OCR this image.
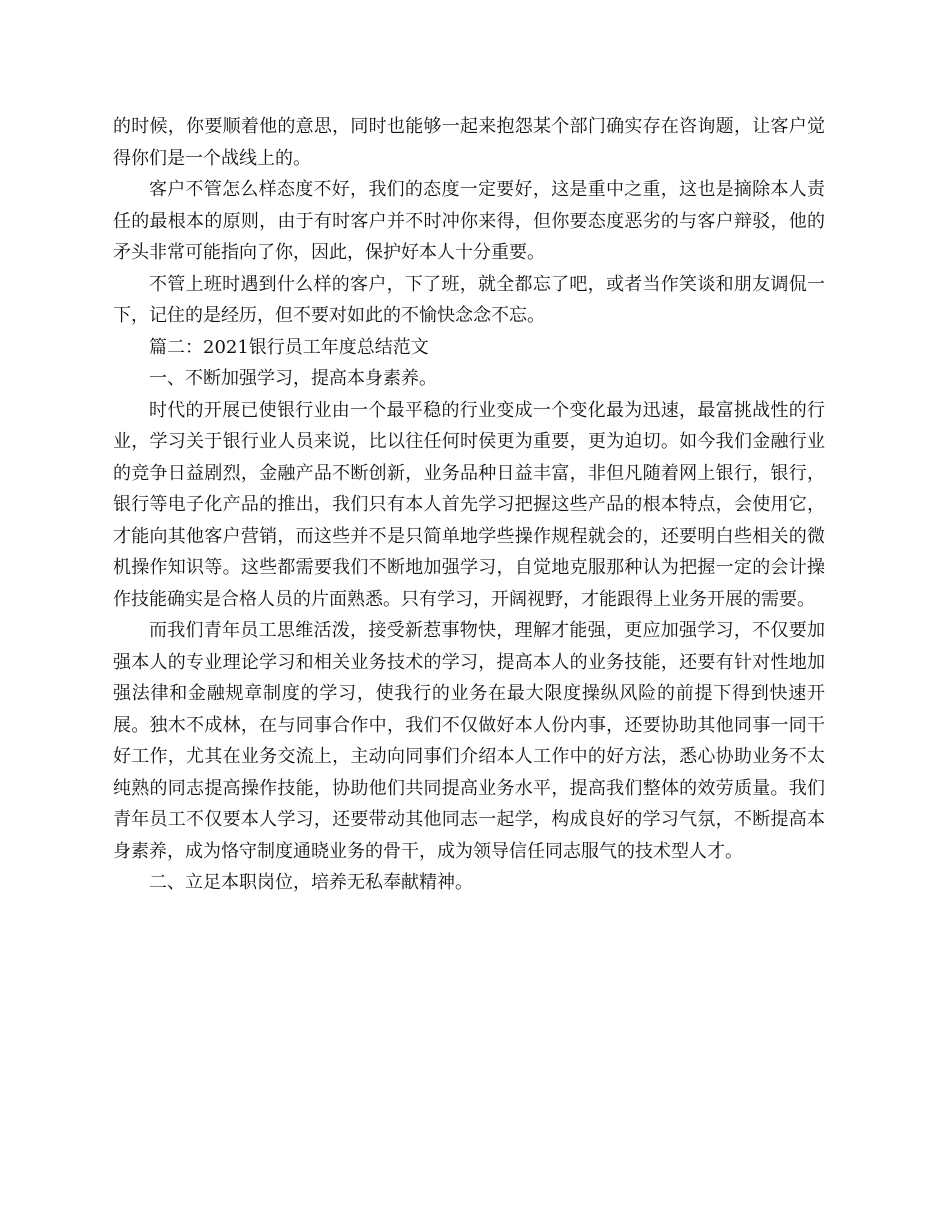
的时候，你要顺着他的意思，同时也能够一起来抱怨某个部门确实存在咨询题，让客户觉得你们是一个战线上的。

客户不管怎么样态度不好，我们的态度一定要好，这是重中之重，这也是摘除本人责任的最根本的原则，由于有时客户并不时冲你来得，但你要态度恶劣的与客户辩驳，他的矛头非常可能指向了你，因此，保护好本人十分重要。

不管上班时遇到什么样的客户，下了班，就全都忘了吧，或者当作笑谈和朋友调侃一下，记住的是经历，但不要对如此的不愉快念念不忘。

篇二：2021银行员工年度总结范文

一、不断加强学习，提高本身素养。

时代的开展已使银行业由一个最平稳的行业变成一个变化最为迅速，最富挑战性的行业，学习关于银行业人员来说，比以往任何时侯更为重要，更为迫切。如今我们金融行业的竞争日益剧烈，金融产品不断创新，业务品种日益丰富，非但凡随着网上银行，银行，银行等电子化产品的推出，我们只有本人首先学习把握这些产品的根本特点，会使用它，才能向其他客户营销，而这些并不是只简单地学些操作规程就会的，还要明白些相关的微机操作知识等。这些都需要我们不断地加强学习，自觉地克服那种认为把握一定的会计操作技能确实是合格人员的片面熟悉。只有学习，开阔视野，才能跟得上业务开展的需要。

而我们青年员工思维活泼，接受新惹事物快，理解才能强，更应加强学习，不仅要加强本人的专业理论学习和相关业务技术的学习，提高本人的业务技能，还要有针对性地加强法律和金融规章制度的学习，使我行的业务在最大限度操纵风险的前提下得到快速开展。独木不成林，在与同事合作中，我们不仅做好本人份内事，还要协助其他同事一同干好工作，尤其在业务交流上，主动向同事们介绍本人工作中的好方法，悉心协助业务不太纯熟的同志提高操作技能，协助他们共同提高业务水平，提高我们整体的效劳质量。我们青年员工不仅要本人学习，还要带动其他同志一起学，构成良好的学习气氛，不断提高本身素养，成为恪守制度通晓业务的骨干，成为领导信任同志服气的技术型人才。

二、立足本职岗位，培养无私奉献精神。
